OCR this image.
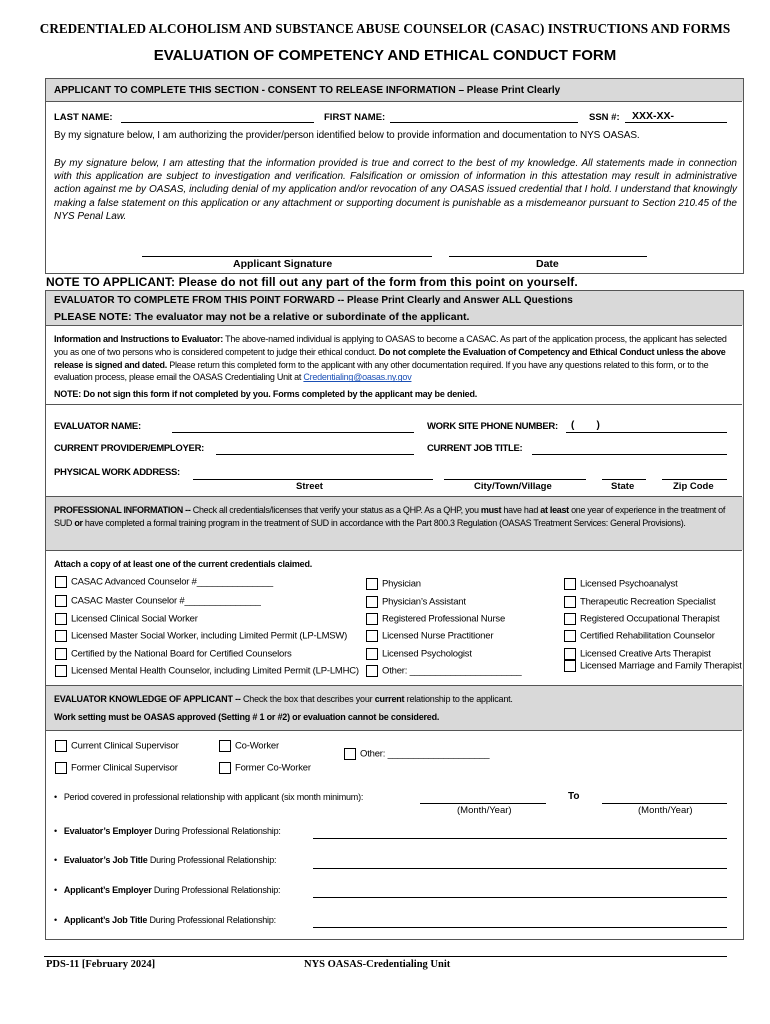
CREDENTIALED ALCOHOLISM AND SUBSTANCE ABUSE COUNSELOR (CASAC) INSTRUCTIONS AND FORMS
EVALUATION OF COMPETENCY AND ETHICAL CONDUCT FORM
APPLICANT TO COMPLETE THIS SECTION - CONSENT TO RELEASE INFORMATION – Please Print Clearly
LAST NAME:	FIRST NAME:	SSN #: XXX-XX-
By my signature below, I am authorizing the provider/person identified below to provide information and documentation to NYS OASAS.
By my signature below, I am attesting that the information provided is true and correct to the best of my knowledge. All statements made in connection with this application are subject to investigation and verification. Falsification or omission of information in this attestation may result in administrative action against me by OASAS, including denial of my application and/or revocation of any OASAS issued credential that I hold. I understand that knowingly making a false statement on this application or any attachment or supporting document is punishable as a misdemeanor pursuant to Section 210.45 of the NYS Penal Law.
Applicant Signature	Date
NOTE TO APPLICANT: Please do not fill out any part of the form from this point on yourself.
EVALUATOR TO COMPLETE FROM THIS POINT FORWARD -- Please Print Clearly and Answer ALL Questions
PLEASE NOTE: The evaluator may not be a relative or subordinate of the applicant.
Information and Instructions to Evaluator: The above-named individual is applying to OASAS to become a CASAC. As part of the application process, the applicant has selected you as one of two persons who is considered competent to judge their ethical conduct. Do not complete the Evaluation of Competency and Ethical Conduct unless the above release is signed and dated. Please return this completed form to the applicant with any other documentation required. If you have any questions related to this form, or to the evaluation process, please email the OASAS Credentialing Unit at Credentialing@oasas.ny.gov
NOTE: Do not sign this form if not completed by you. Forms completed by the applicant may be denied.
EVALUATOR NAME:	WORK SITE PHONE NUMBER: (        )
CURRENT PROVIDER/EMPLOYER:	CURRENT JOB TITLE:
PHYSICAL WORK ADDRESS:
Street	City/Town/Village	State	Zip Code
PROFESSIONAL INFORMATION -- Check all credentials/licenses that verify your status as a QHP. As a QHP, you must have had at least one year of experience in the treatment of SUD or have completed a formal training program in the treatment of SUD in accordance with the Part 800.3 Regulation (OASAS Treatment Services: General Provisions).
Attach a copy of at least one of the current credentials claimed.
CASAC Advanced Counselor #_______________
CASAC Master Counselor #_______________
Licensed Clinical Social Worker
Licensed Master Social Worker, including Limited Permit (LP-LMSW)
Certified by the National Board for Certified Counselors
Licensed Mental Health Counselor, including Limited Permit (LP-LMHC)
Physician
Physician’s Assistant
Registered Professional Nurse
Licensed Nurse Practitioner
Licensed Psychologist
Other: ______________________
Licensed Psychoanalyst
Therapeutic Recreation Specialist
Registered Occupational Therapist
Certified Rehabilitation Counselor
Licensed Creative Arts Therapist
Licensed Marriage and Family Therapist
EVALUATOR KNOWLEDGE OF APPLICANT -- Check the box that describes your current relationship to the applicant.
Work setting must be OASAS approved (Setting # 1 or #2) or evaluation cannot be considered.
Current Clinical Supervisor
Former Clinical Supervisor
Co-Worker
Former Co-Worker
Other: ____________________
•   Period covered in professional relationship with applicant (six month minimum):
(Month/Year)
To
(Month/Year)
•   Evaluator’s Employer During Professional Relationship:
•   Evaluator’s Job Title During Professional Relationship:
•   Applicant’s Employer During Professional Relationship:
•   Applicant’s Job Title During Professional Relationship:
PDS-11 [February 2024]	NYS OASAS-Credentialing Unit
